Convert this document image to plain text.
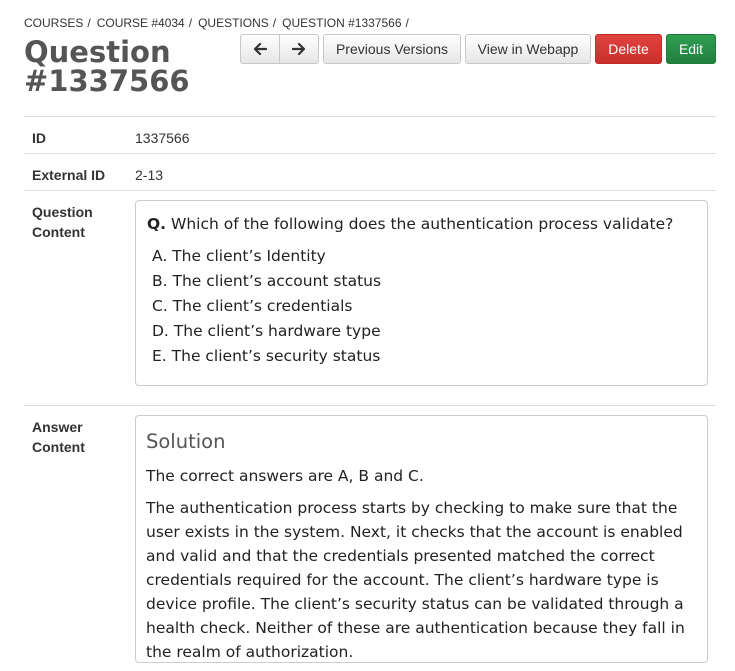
COURSES / COURSE #4034 / QUESTIONS / QUESTION #1337566 /
Question #1337566
Previous Versions	View in Webapp	Delete	Edit
ID	1337566
External ID	2-13
Question Content	Q. Which of the following does the authentication process validate?

A. The client’s Identity
B. The client’s account status
C. The client’s credentials
D. The client’s hardware type
E. The client’s security status
Answer Content	Solution

The correct answers are A, B and C.

The authentication process starts by checking to make sure that the user exists in the system. Next, it checks that the account is enabled and valid and that the credentials presented matched the correct credentials required for the account. The client’s hardware type is device profile. The client’s security status can be validated through a health check. Neither of these are authentication because they fall in the realm of authorization.
